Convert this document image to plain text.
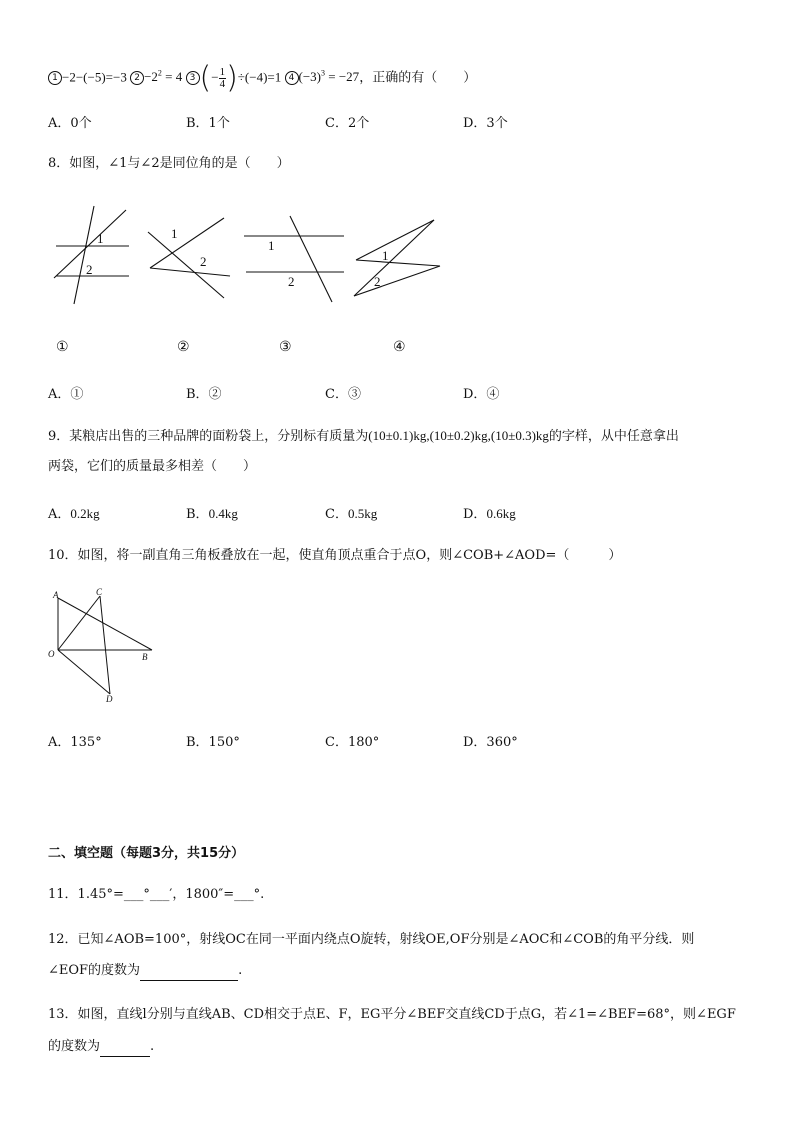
1 −2−(−5)=−3 $2 -2^2 = 4$ 3 (− $\frac{1}{4} )\div(-4)=1$ 4 $(-3)^3 = -27$，正确的有（　　）
A．0个	B．1个	C．2个	D．3个
8．如图，∠1与∠2是同位角的是（　　）
1
2
1
2
1
2
1
2
①	②	③	④
A．①	B．②	C．③	D．④
9．某粮店出售的三种品牌的面粉袋上，分别标有质量为(10±0.1)kg,(10±0.2)kg,(10±0.3)kg的字样，从中任意拿出
两袋，它们的质量最多相差（　　）
A．0.2kg	B．0.4kg	C．0.5kg	D．0.6kg
10．如图，将一副直角三角板叠放在一起，使直角顶点重合于点O，则∠COB+∠AOD=（　　　）
A	C
O	B
D
A．135°	B．150°	C．180°	D．360°
二、填空题（每题3分，共15分）
11．1.45°=___°___′，1800″=___°.
12．已知∠AOB=100°，射线OC在同一平面内绕点O旋转，射线OE,OF分别是∠AOC和∠COB的角平分线．则
∠EOF的度数为	.
13．如图，直线l分别与直线AB、CD相交于点E、F，EG平分∠BEF交直线CD于点G，若∠1=∠BEF=68°，则∠EGF
的度数为	.
